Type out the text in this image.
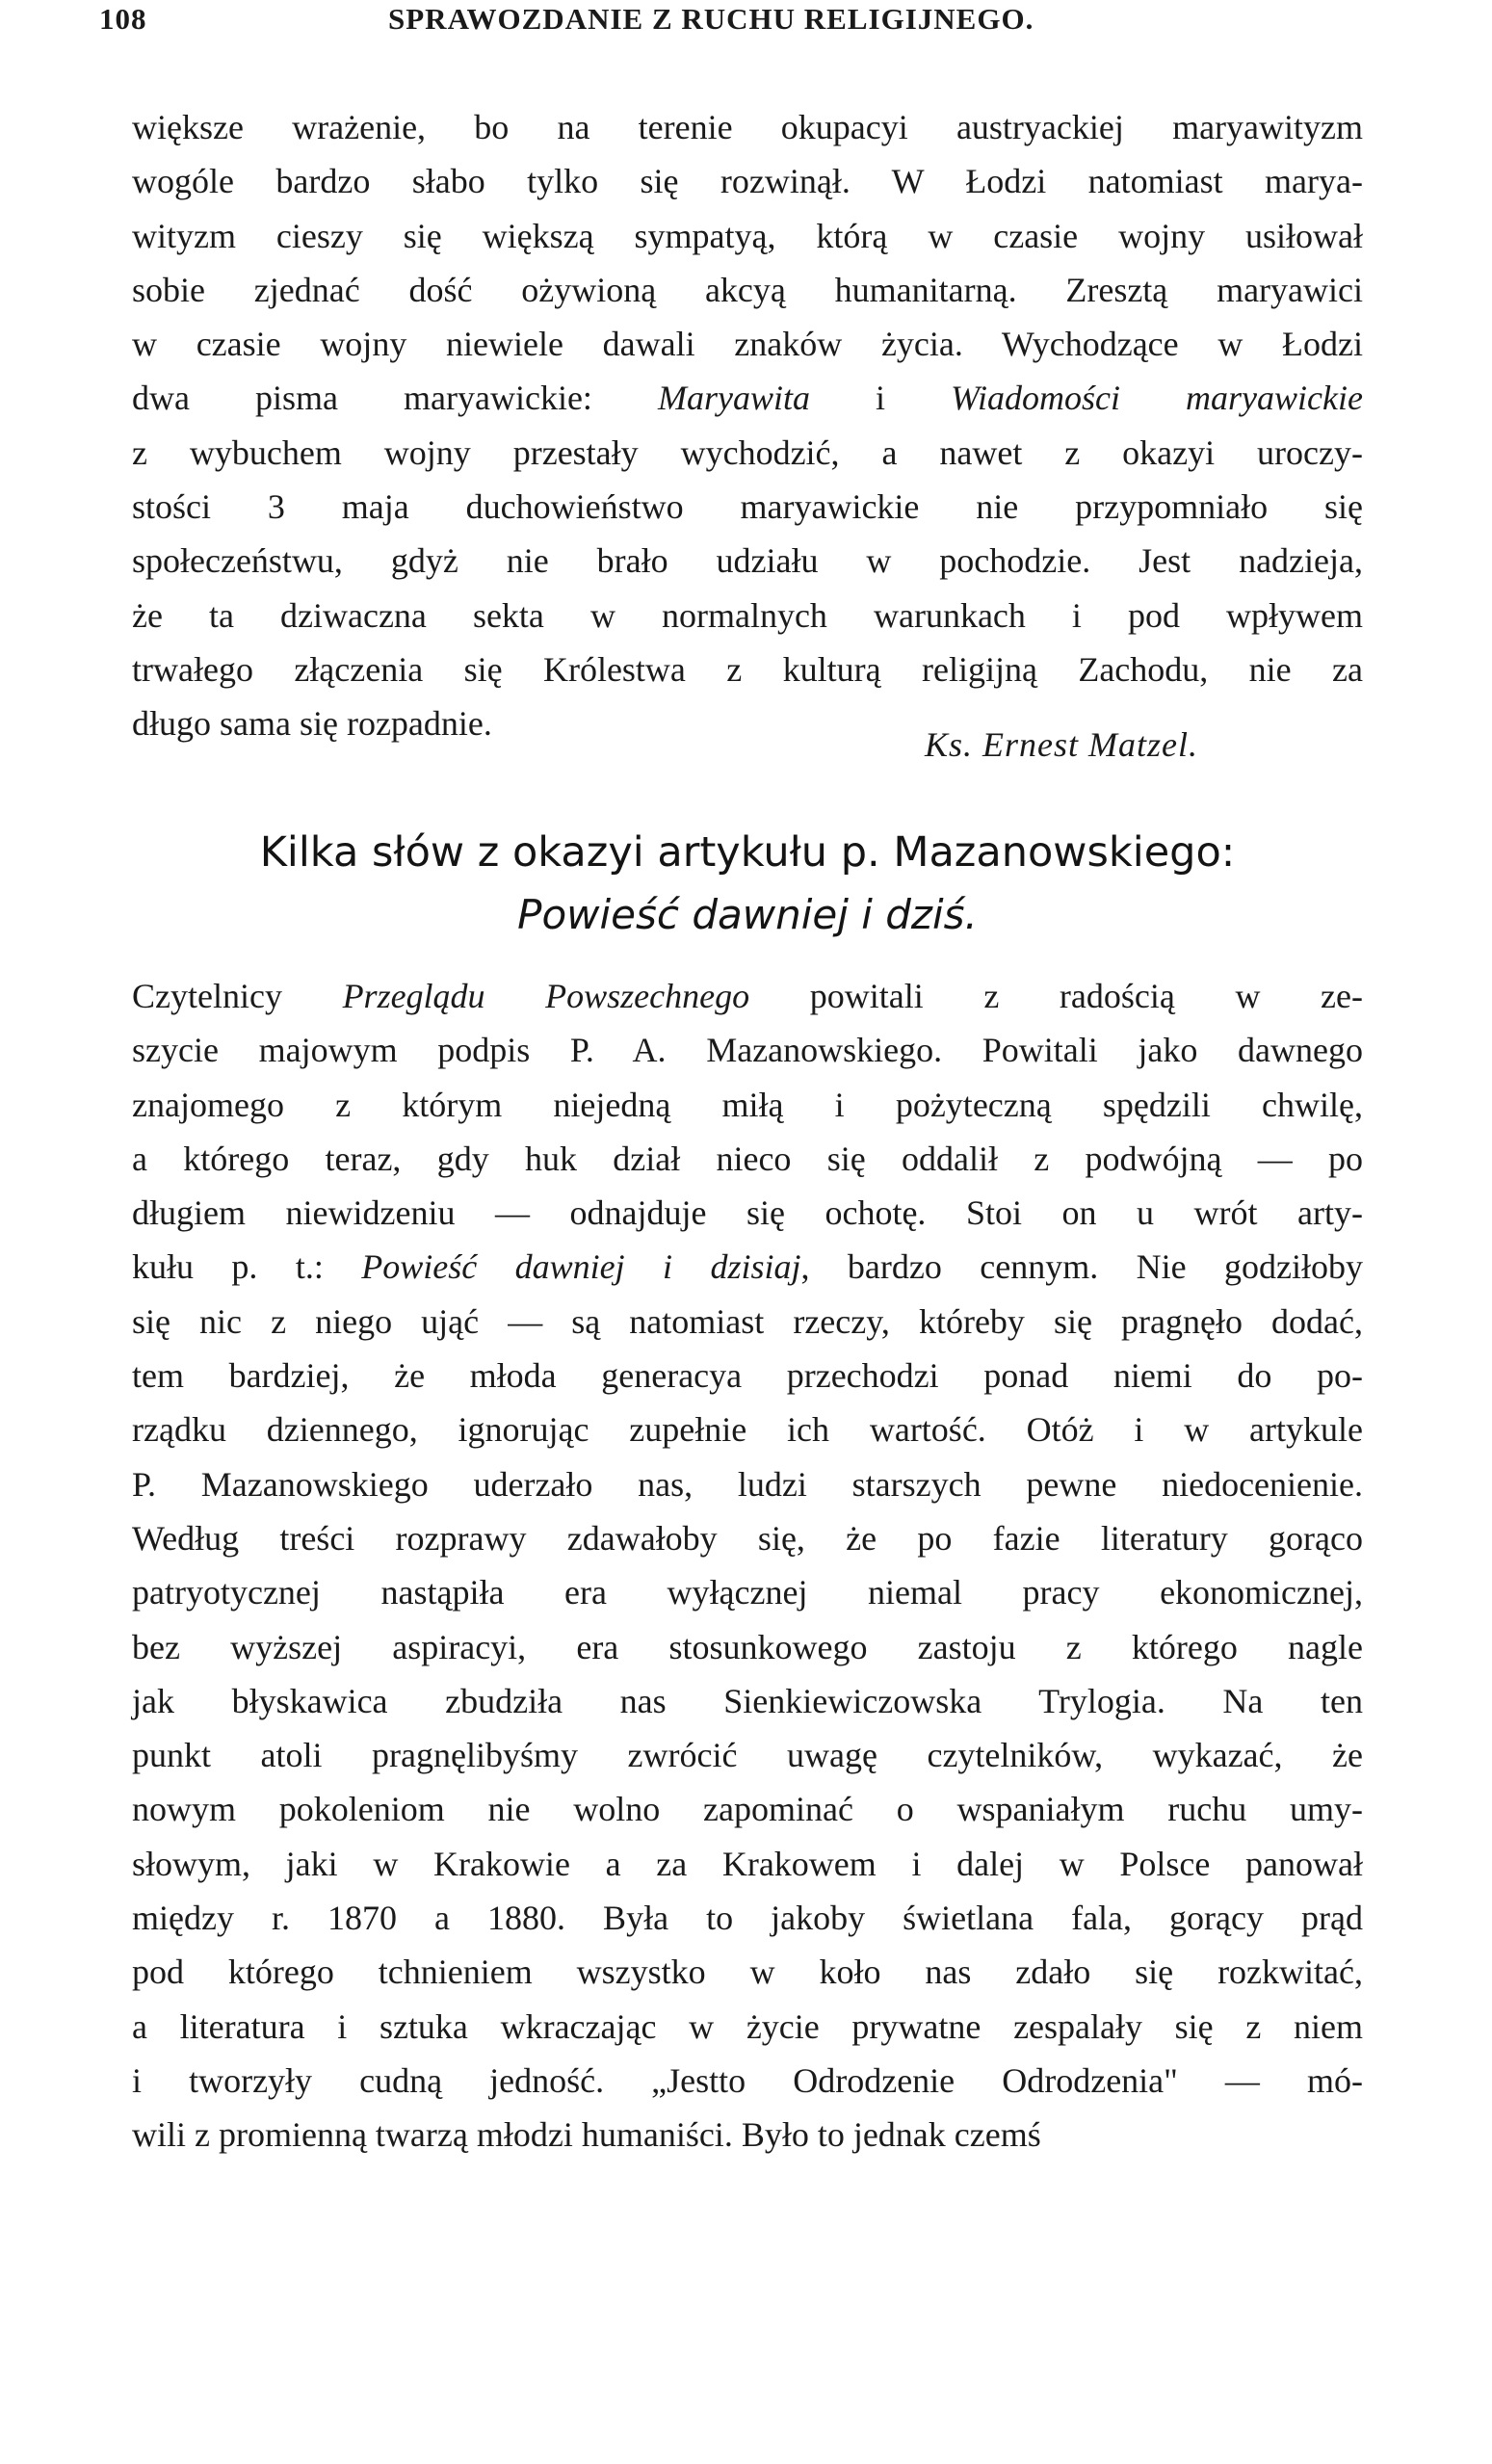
108	SPRAWOZDANIE Z RUCHU RELIGIJNEGO.
większe wrażenie, bo na terenie okupacyi austryackiej maryawityzm
wogóle bardzo słabo tylko się rozwinął. W Łodzi natomiast marya-
wityzm cieszy się większą sympatyą, którą w czasie wojny usiłował
sobie zjednać dość ożywioną akcyą humanitarną. Zresztą maryawici
w czasie wojny niewiele dawali znaków życia. Wychodzące w Łodzi
dwa pisma maryawickie: Maryawita i Wiadomości maryawickie
z wybuchem wojny przestały wychodzić, a nawet z okazyi uroczy-
stości 3 maja duchowieństwo maryawickie nie przypomniało się
społeczeństwu, gdyż nie brało udziału w pochodzie. Jest nadzieja,
że ta dziwaczna sekta w normalnych warunkach i pod wpływem
trwałego złączenia się Królestwa z kulturą religijną Zachodu, nie za
długo sama się rozpadnie.
Ks. Ernest Matzel.
Kilka słów z okazyi artykułu p. Mazanowskiego:
Powieść dawniej i dziś.
Czytelnicy Przeglądu Powszechnego powitali z radością w ze-
szycie majowym podpis P. A. Mazanowskiego. Powitali jako dawnego
znajomego z którym niejedną miłą i pożyteczną spędzili chwilę,
a którego teraz, gdy huk dział nieco się oddalił z podwójną — po
długiem niewidzeniu — odnajduje się ochotę. Stoi on u wrót arty-
kułu p. t.: Powieść dawniej i dzisiaj, bardzo cennym. Nie godziłoby
się nic z niego ująć — są natomiast rzeczy, któreby się pragnęło dodać,
tem bardziej, że młoda generacya przechodzi ponad niemi do po-
rządku dziennego, ignorując zupełnie ich wartość. Otóż i w artykule
P. Mazanowskiego uderzało nas, ludzi starszych pewne niedocenienie.
Według treści rozprawy zdawałoby się, że po fazie literatury gorąco
patryotycznej nastąpiła era wyłącznej niemal pracy ekonomicznej,
bez wyższej aspiracyi, era stosunkowego zastoju z którego nagle
jak błyskawica zbudziła nas Sienkiewiczowska Trylogia. Na ten
punkt atoli pragnęlibyśmy zwrócić uwagę czytelników, wykazać, że
nowym pokoleniom nie wolno zapominać o wspaniałym ruchu umy-
słowym, jaki w Krakowie a za Krakowem i dalej w Polsce panował
między r. 1870 a 1880. Była to jakoby świetlana fala, gorący prąd
pod którego tchnieniem wszystko w koło nas zdało się rozkwitać,
a literatura i sztuka wkraczając w życie prywatne zespalały się z niem
i tworzyły cudną jedność. „Jestto Odrodzenie Odrodzenia" — mó-
wili z promienną twarzą młodzi humaniści. Było to jednak czemś
